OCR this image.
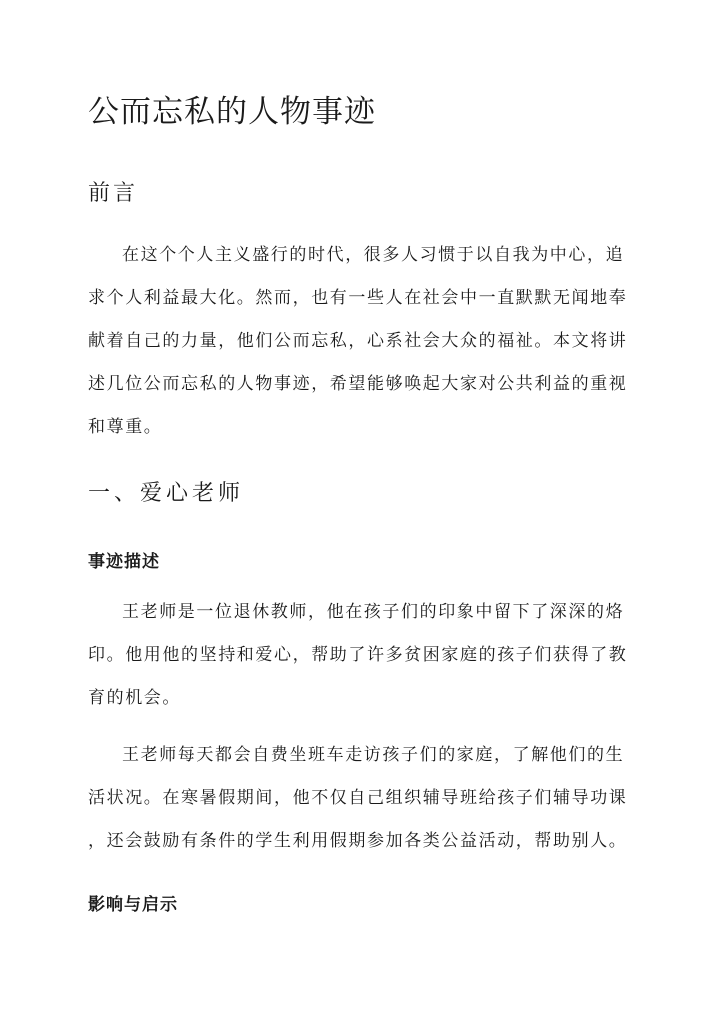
公而忘私的人物事迹
前言
在这个个人主义盛行的时代，很多人习惯于以自我为中心，追
求个人利益最大化。然而，也有一些人在社会中一直默默无闻地奉
献着自己的力量，他们公而忘私，心系社会大众的福祉。本文将讲
述几位公而忘私的人物事迹，希望能够唤起大家对公共利益的重视
和尊重。
一、爱心老师
事迹描述
王老师是一位退休教师，他在孩子们的印象中留下了深深的烙
印。他用他的坚持和爱心，帮助了许多贫困家庭的孩子们获得了教
育的机会。
王老师每天都会自费坐班车走访孩子们的家庭，了解他们的生
活状况。在寒暑假期间，他不仅自己组织辅导班给孩子们辅导功课
，还会鼓励有条件的学生利用假期参加各类公益活动，帮助别人。
影响与启示
